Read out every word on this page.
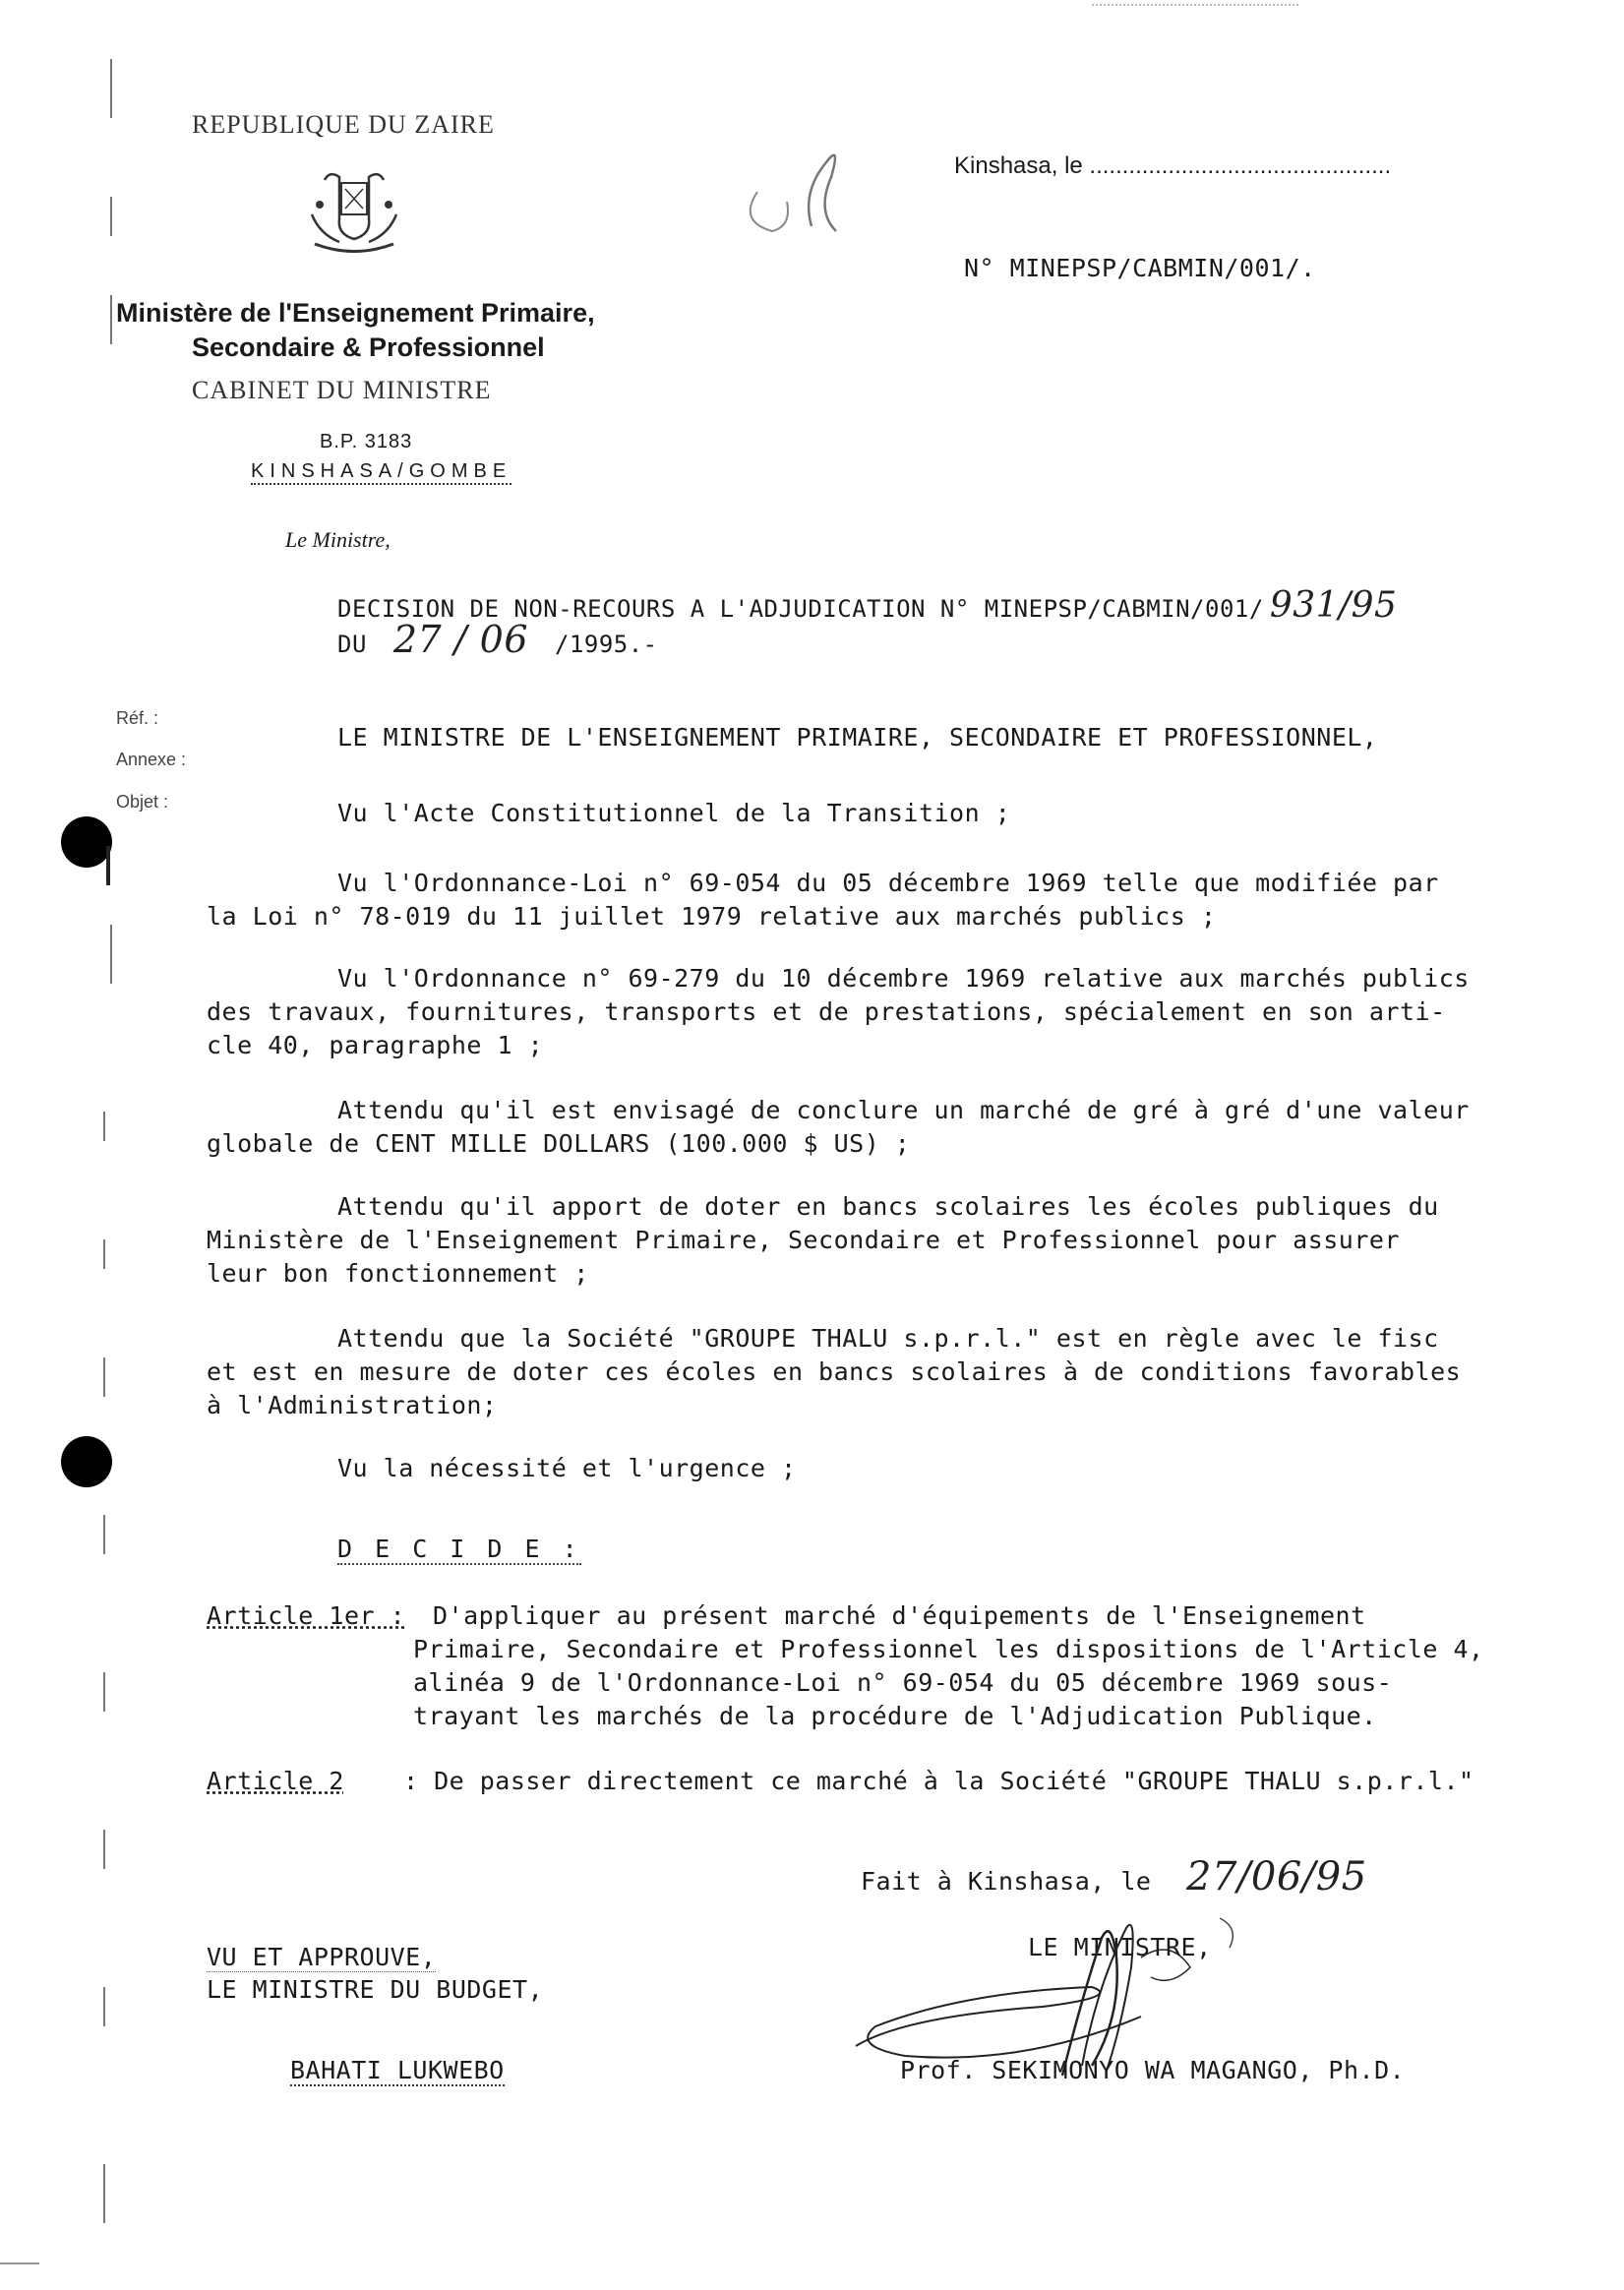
REPUBLIQUE DU ZAIRE
Ministère de l'Enseignement Primaire,
Secondaire & Professionnel
CABINET DU MINISTRE
B.P. 3183
KINSHASA/GOMBE
Le Ministre,
Kinshasa, le ..............................................
N° MINEPSP/CABMIN/001/.
DECISION DE NON-RECOURS A L'ADJUDICATION N° MINEPSP/CABMIN/001/ 931/95
DU 27 / 06 /1995.-
Réf. :
Annexe :
Objet :
LE MINISTRE DE L'ENSEIGNEMENT PRIMAIRE, SECONDAIRE ET PROFESSIONNEL,
Vu l'Acte Constitutionnel de la Transition ;
Vu l'Ordonnance-Loi n° 69-054 du 05 décembre 1969 telle que modifiée par
la Loi n° 78-019 du 11 juillet 1979 relative aux marchés publics ;
Vu l'Ordonnance n° 69-279 du 10 décembre 1969 relative aux marchés publics
des travaux, fournitures, transports et de prestations, spécialement en son arti-
cle 40, paragraphe 1 ;
Attendu qu'il est envisagé de conclure un marché de gré à gré d'une valeur
globale de CENT MILLE DOLLARS (100.000 $ US) ;
Attendu qu'il apport de doter en bancs scolaires les écoles publiques du
Ministère de l'Enseignement Primaire, Secondaire et Professionnel pour assurer
leur bon fonctionnement ;
Attendu que la Société "GROUPE THALU s.p.r.l." est en règle avec le fisc
et est en mesure de doter ces écoles en bancs scolaires à de conditions favorables
à l'Administration;
Vu la nécessité et l'urgence ;
D E C I D E :
Article 1er : D'appliquer au présent marché d'équipements de l'Enseignement
Primaire, Secondaire et Professionnel les dispositions de l'Article 4,
alinéa 9 de l'Ordonnance-Loi n° 69-054 du 05 décembre 1969 sous-
trayant les marchés de la procédure de l'Adjudication Publique.
Article 2 : De passer directement ce marché à la Société "GROUPE THALU s.p.r.l."
Fait à Kinshasa, le 27/06/95
VU ET APPROUVE,
LE MINISTRE DU BUDGET,
LE MINISTRE,
Prof. SEKIMONYO WA MAGANGO, Ph.D.
BAHATI LUKWEBO
